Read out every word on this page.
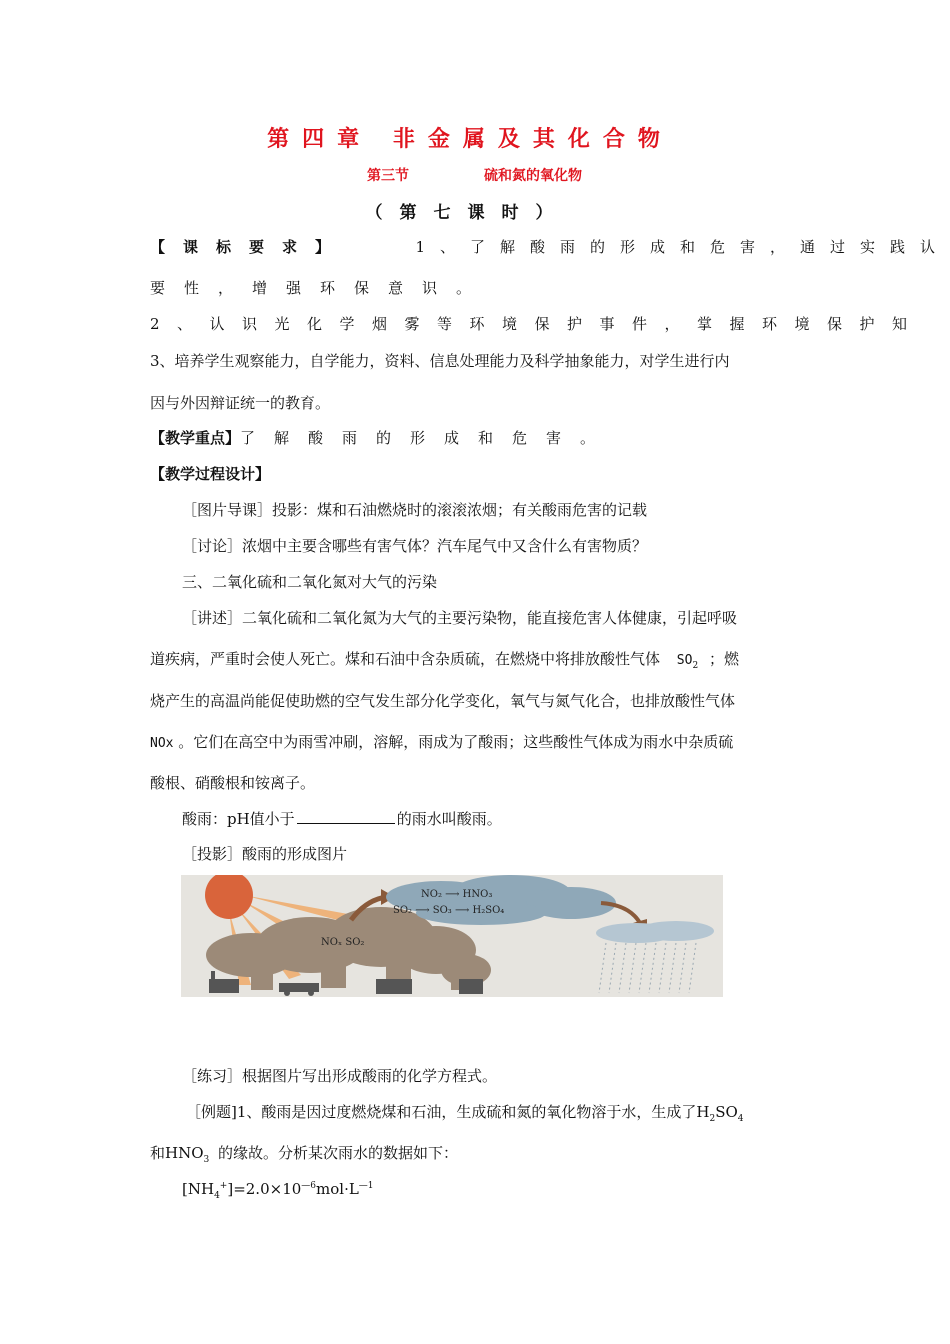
第四章 非金属及其化合物
第三节	硫和氮的氧化物
（第七课时）
【课标要求】	1、了解酸雨的形成和危害，通过实践认
要性，增强环保意识。
2、认识光化学烟雾等环境保护事件，掌握环境保护知
3、培养学生观察能力，自学能力，资料、信息处理能力及科学抽象能力，对学生进行内
因与外因辩证统一的教育。
【教学重点】了解酸雨的形成和危害。
【教学过程设计】
［图片导课］投影：煤和石油燃烧时的滚滚浓烟；有关酸雨危害的记载
［讨论］浓烟中主要含哪些有害气体？汽车尾气中又含什么有害物质？
三、二氧化硫和二氧化氮对大气的污染
［讲述］二氧化硫和二氧化氮为大气的主要污染物，能直接危害人体健康，引起呼吸
道疾病，严重时会使人死亡。煤和石油中含杂质硫，在燃烧中将排放酸性气体 $SO_2$ ；燃
烧产生的高温尚能促使助燃的空气发生部分化学变化，氧气与氮气化合，也排放酸性气体
NOx 。它们在高空中为雨雪冲刷，溶解，雨成为了酸雨；这些酸性气体成为雨水中杂质硫
酸根、硝酸根和铵离子。
酸雨：pH值小于	的雨水叫酸雨。
［投影］酸雨的形成图片
NOₓ SO₂
NO₂ ⟶ HNO₃
SO₂ ⟶ SO₃ ⟶ H₂SO₄
［练习］根据图片写出形成酸雨的化学方程式。
［例题]1、酸雨是因过度燃烧煤和石油，生成硫和氮的氧化物溶于水，生成了$H_2SO_4$
和$HNO_3$ 的缘故。分析某次雨水的数据如下：
$[NH_4^+]=2.0\times 10^{—6}mol\cdot L^{—1}$
